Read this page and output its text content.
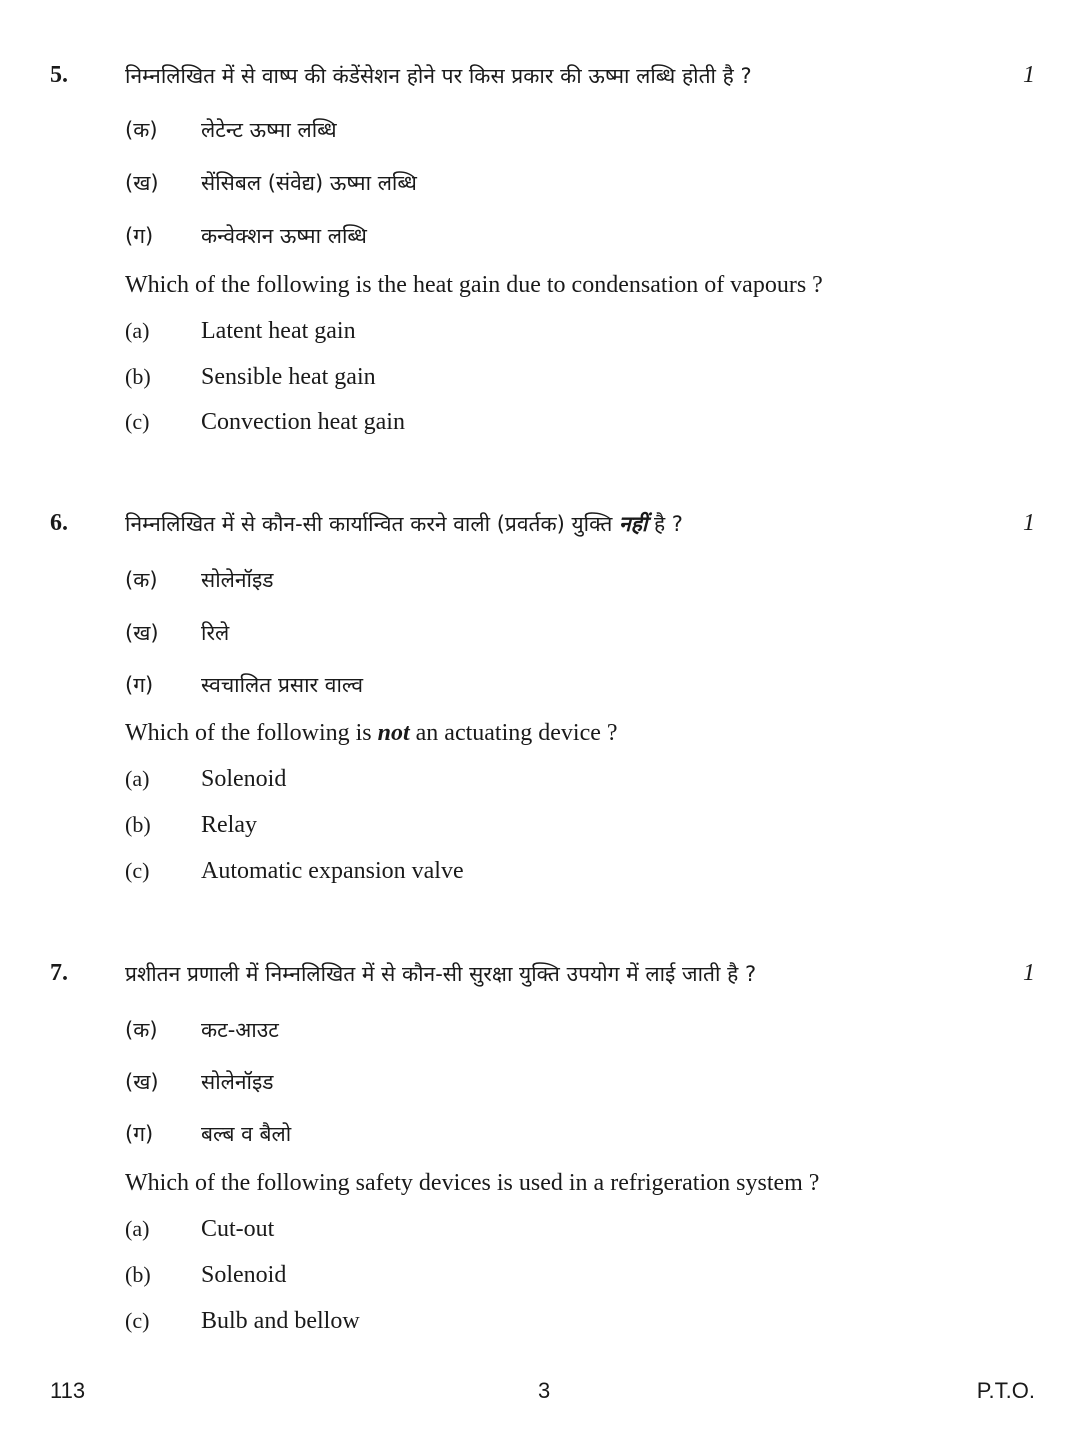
5.	निम्नलिखित में से वाष्प की कंडेंसेशन होने पर किस प्रकार की ऊष्मा लब्धि होती है ?	1
(क) लेटेन्ट ऊष्मा लब्धि
(ख) सेंसिबल (संवेद्य) ऊष्मा लब्धि
(ग) कन्वेक्शन ऊष्मा लब्धि
Which of the following is the heat gain due to condensation of vapours ?
(a) Latent heat gain
(b) Sensible heat gain
(c) Convection heat gain
6.	निम्नलिखित में से कौन-सी कार्यान्वित करने वाली (प्रवर्तक) युक्ति नहीं है ?	1
(क) सोलेनॉइड
(ख) रिले
(ग) स्वचालित प्रसार वाल्व
Which of the following is not an actuating device ?
(a) Solenoid
(b) Relay
(c) Automatic expansion valve
7.	प्रशीतन प्रणाली में निम्नलिखित में से कौन-सी सुरक्षा युक्ति उपयोग में लाई जाती है ?	1
(क) कट-आउट
(ख) सोलेनॉइड
(ग) बल्ब व बैलो
Which of the following safety devices is used in a refrigeration system ?
(a) Cut-out
(b) Solenoid
(c) Bulb and bellow
113	3	P.T.O.
